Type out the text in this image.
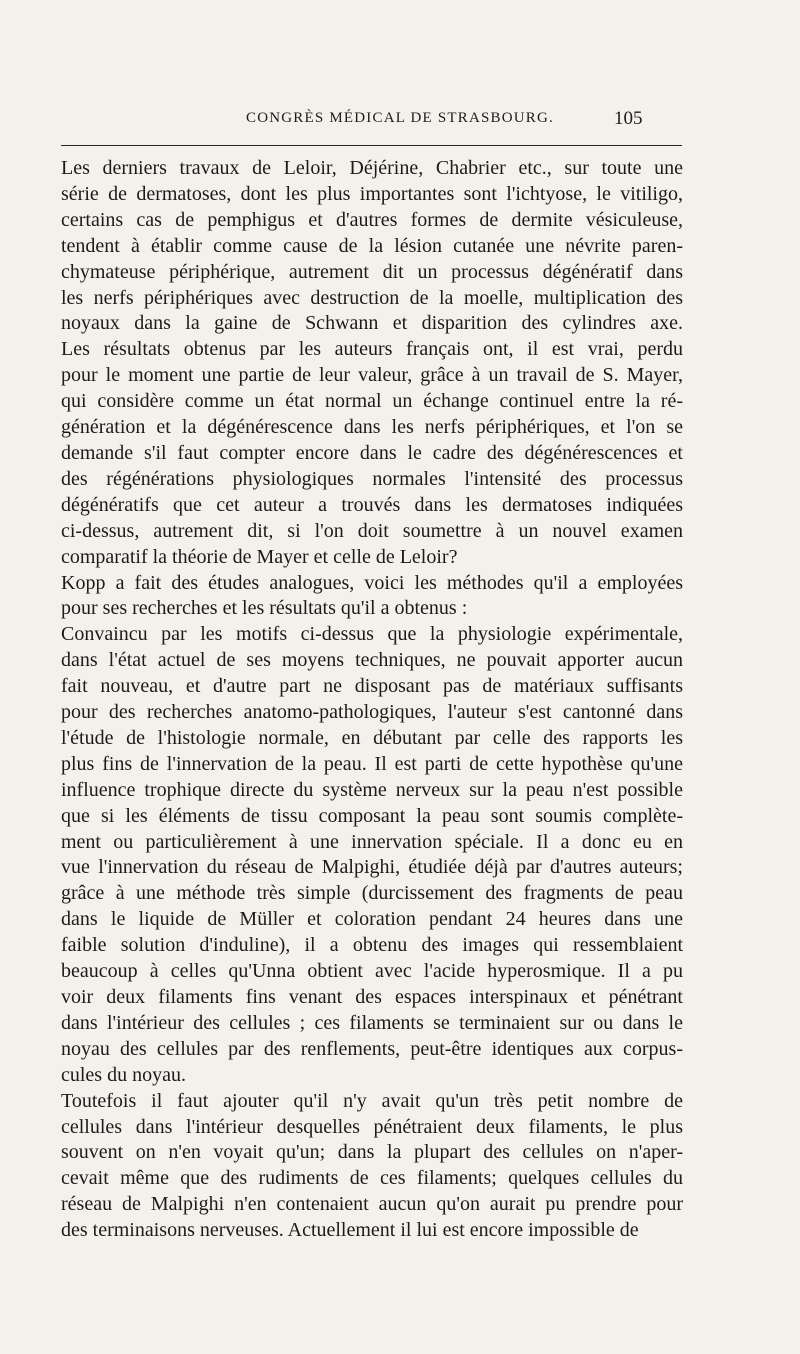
CONGRÈS MÉDICAL DE STRASBOURG.	105
Les derniers travaux de Leloir, Déjérine, Chabrier etc., sur toute une
série de dermatoses, dont les plus importantes sont l'ichtyose, le vitiligo,
certains cas de pemphigus et d'autres formes de dermite vésiculeuse,
tendent à établir comme cause de la lésion cutanée une névrite paren-
chymateuse périphérique, autrement dit un processus dégénératif dans
les nerfs périphériques avec destruction de la moelle, multiplication des
noyaux dans la gaine de Schwann et disparition des cylindres axe.
Les résultats obtenus par les auteurs français ont, il est vrai, perdu
pour le moment une partie de leur valeur, grâce à un travail de S. Mayer,
qui considère comme un état normal un échange continuel entre la ré-
génération et la dégénérescence dans les nerfs périphériques, et l'on se
demande s'il faut compter encore dans le cadre des dégénérescences et
des régénérations physiologiques normales l'intensité des processus
dégénératifs que cet auteur a trouvés dans les dermatoses indiquées
ci-dessus, autrement dit, si l'on doit soumettre à un nouvel examen
comparatif la théorie de Mayer et celle de Leloir?
Kopp a fait des études analogues, voici les méthodes qu'il a employées
pour ses recherches et les résultats qu'il a obtenus :
Convaincu par les motifs ci-dessus que la physiologie expérimentale,
dans l'état actuel de ses moyens techniques, ne pouvait apporter aucun
fait nouveau, et d'autre part ne disposant pas de matériaux suffisants
pour des recherches anatomo-pathologiques, l'auteur s'est cantonné dans
l'étude de l'histologie normale, en débutant par celle des rapports les
plus fins de l'innervation de la peau. Il est parti de cette hypothèse qu'une
influence trophique directe du système nerveux sur la peau n'est possible
que si les éléments de tissu composant la peau sont soumis complète-
ment ou particulièrement à une innervation spéciale. Il a donc eu en
vue l'innervation du réseau de Malpighi, étudiée déjà par d'autres auteurs;
grâce à une méthode très simple (durcissement des fragments de peau
dans le liquide de Müller et coloration pendant 24 heures dans une
faible solution d'induline), il a obtenu des images qui ressemblaient
beaucoup à celles qu'Unna obtient avec l'acide hyperosmique. Il a pu
voir deux filaments fins venant des espaces interspinaux et pénétrant
dans l'intérieur des cellules ; ces filaments se terminaient sur ou dans le
noyau des cellules par des renflements, peut-être identiques aux corpus-
cules du noyau.
Toutefois il faut ajouter qu'il n'y avait qu'un très petit nombre de
cellules dans l'intérieur desquelles pénétraient deux filaments, le plus
souvent on n'en voyait qu'un; dans la plupart des cellules on n'aper-
cevait même que des rudiments de ces filaments; quelques cellules du
réseau de Malpighi n'en contenaient aucun qu'on aurait pu prendre pour
des terminaisons nerveuses. Actuellement il lui est encore impossible de
